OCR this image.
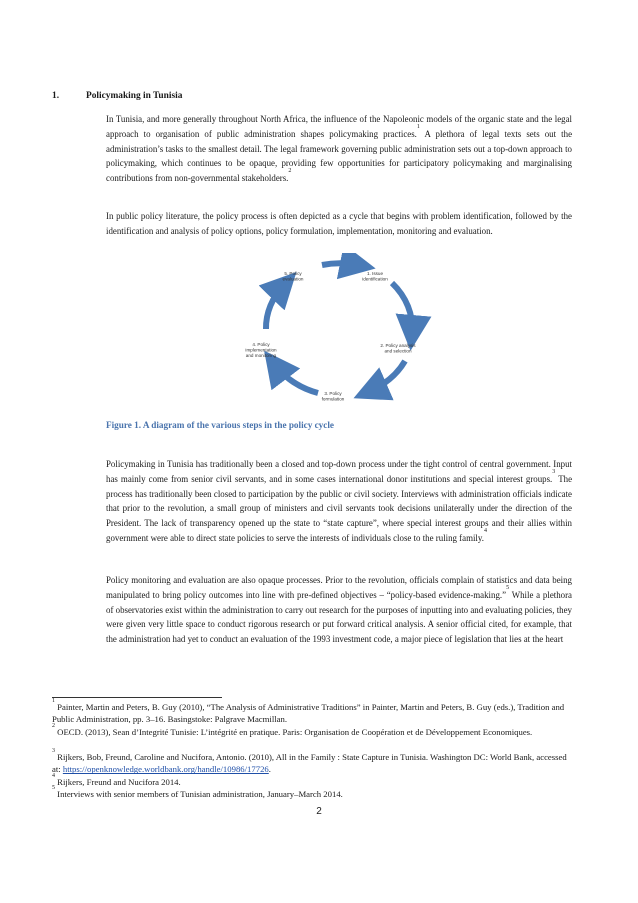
1.	Policymaking in Tunisia
In Tunisia, and more generally throughout North Africa, the influence of the Napoleonic models of the organic state and the legal approach to organisation of public administration shapes policymaking practices.$^1$ A plethora of legal texts sets out the administration’s tasks to the smallest detail. The legal framework governing public administration sets out a top-down approach to policymaking, which continues to be opaque, providing few opportunities for participatory policymaking and marginalising contributions from non-governmental stakeholders.$^2$
In public policy literature, the policy process is often depicted as a cycle that begins with problem identification, followed by the identification and analysis of policy options, policy formulation, implementation, monitoring and evaluation.
1. Issue identification
2. Policy analysis and selection
3. Policy formulation
4. Policy implementation and monitoring
5. Policy evaluation
Figure 1. A diagram of the various steps in the policy cycle
Policymaking in Tunisia has traditionally been a closed and top-down process under the tight control of central government. Input has mainly come from senior civil servants, and in some cases international donor institutions and special interest groups.$^3$ The process has traditionally been closed to participation by the public or civil society. Interviews with administration officials indicate that prior to the revolution, a small group of ministers and civil servants took decisions unilaterally under the direction of the President. The lack of transparency opened up the state to “state capture”, where special interest groups and their allies within government were able to direct state policies to serve the interests of individuals close to the ruling family.$^4$
Policy monitoring and evaluation are also opaque processes. Prior to the revolution, officials complain of statistics and data being manipulated to bring policy outcomes into line with pre-defined objectives – “policy-based evidence-making.”$^5$ While a plethora of observatories exist within the administration to carry out research for the purposes of inputting into and evaluating policies, they were given very little space to conduct rigorous research or put forward critical analysis. A senior official cited, for example, that the administration had yet to conduct an evaluation of the 1993 investment code, a major piece of legislation that lies at the heart
$^1$ Painter, Martin and Peters, B. Guy (2010), “The Analysis of Administrative Traditions” in Painter, Martin and Peters, B. Guy (eds.), Tradition and Public Administration, pp. 3–16. Basingstoke: Palgrave Macmillan.
$^2$ OECD. (2013), Sean d’Integrité Tunisie: L’intégrité en pratique. Paris: Organisation de Coopération et de Développement Economiques.
$^3$ Rijkers, Bob, Freund, Caroline and Nucifora, Antonio. (2010), All in the Family : State Capture in Tunisia. Washington DC: World Bank, accessed at: https://openknowledge.worldbank.org/handle/10986/17726.
$^4$ Rijkers, Freund and Nucifora 2014.
$^5$ Interviews with senior members of Tunisian administration, January–March 2014.
2
